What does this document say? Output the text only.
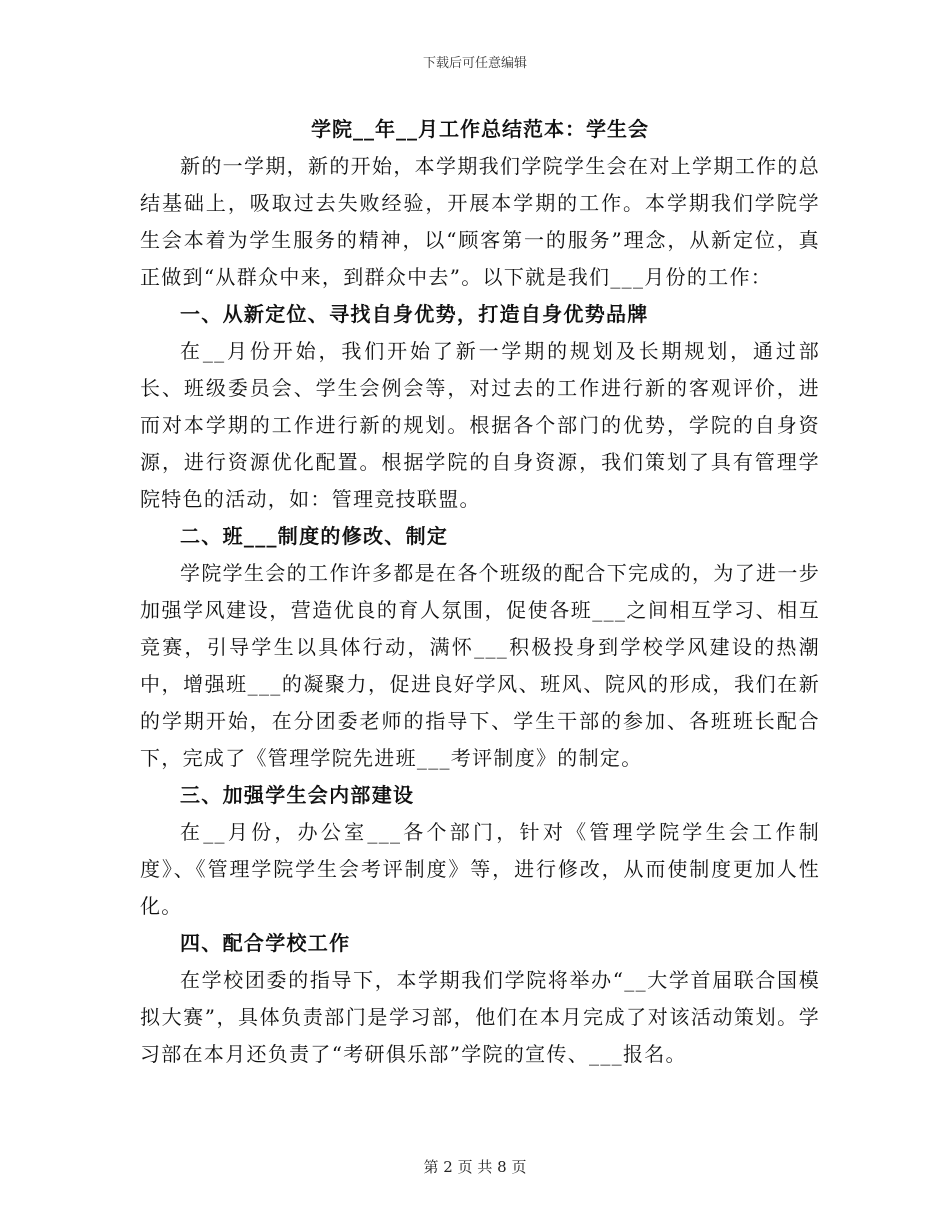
下载后可任意编辑
学院__年__月工作总结范本：学生会

新的一学期，新的开始，本学期我们学院学生会在对上学期工作的总结基础上，吸取过去失败经验，开展本学期的工作。本学期我们学院学生会本着为学生服务的精神，以“顾客第一的服务”理念，从新定位，真正做到“从群众中来，到群众中去”。以下就是我们___月份的工作：

一、从新定位、寻找自身优势，打造自身优势品牌

在__月份开始，我们开始了新一学期的规划及长期规划，通过部长、班级委员会、学生会例会等，对过去的工作进行新的客观评价，进而对本学期的工作进行新的规划。根据各个部门的优势，学院的自身资源，进行资源优化配置。根据学院的自身资源，我们策划了具有管理学院特色的活动，如：管理竞技联盟。

二、班___制度的修改、制定

学院学生会的工作许多都是在各个班级的配合下完成的，为了进一步加强学风建设，营造优良的育人氛围，促使各班___之间相互学习、相互竞赛，引导学生以具体行动，满怀___积极投身到学校学风建设的热潮中，增强班___的凝聚力，促进良好学风、班风、院风的形成，我们在新的学期开始，在分团委老师的指导下、学生干部的参加、各班班长配合下，完成了《管理学院先进班___考评制度》的制定。

三、加强学生会内部建设

在__月份，办公室___各个部门，针对《管理学院学生会工作制度》、《管理学院学生会考评制度》等，进行修改，从而使制度更加人性化。

四、配合学校工作

在学校团委的指导下，本学期我们学院将举办“__大学首届联合国模拟大赛”，具体负责部门是学习部，他们在本月完成了对该活动策划。学习部在本月还负责了“考研俱乐部”学院的宣传、___报名。

第 2 页 共 8 页
